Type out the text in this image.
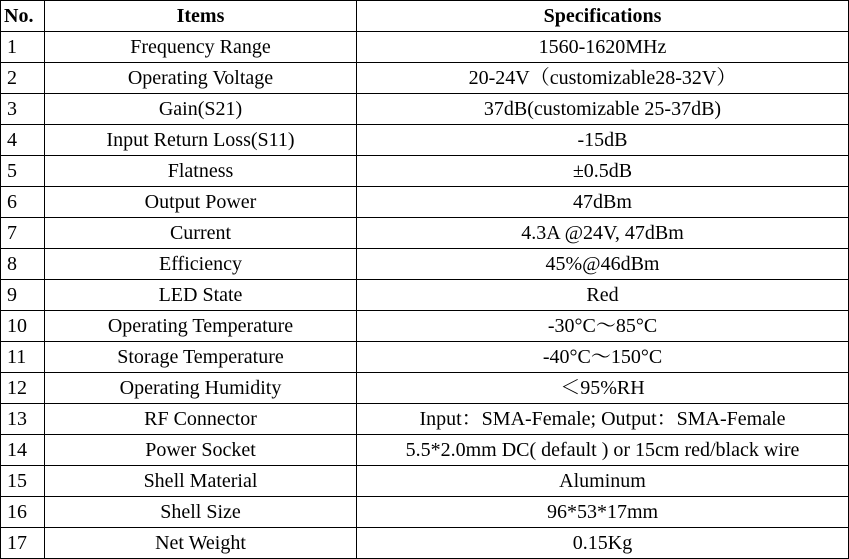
No.	Items	Specifications
1	Frequency Range	1560-1620MHz
2	Operating Voltage	20-24V（customizable28-32V）
3	Gain(S21)	37dB(customizable 25-37dB)
4	Input Return Loss(S11)	-15dB
5	Flatness	±0.5dB
6	Output Power	47dBm
7	Current	4.3A @24V, 47dBm
8	Efficiency	45%@46dBm
9	LED State	Red
10	Operating Temperature	-30°C～85°C
11	Storage Temperature	-40°C～150°C
12	Operating Humidity	＜95%RH
13	RF Connector	Input：SMA-Female; Output：SMA-Female
14	Power Socket	5.5*2.0mm DC( default ) or 15cm red/black wire
15	Shell Material	Aluminum
16	Shell Size	96*53*17mm
17	Net Weight	0.15Kg
